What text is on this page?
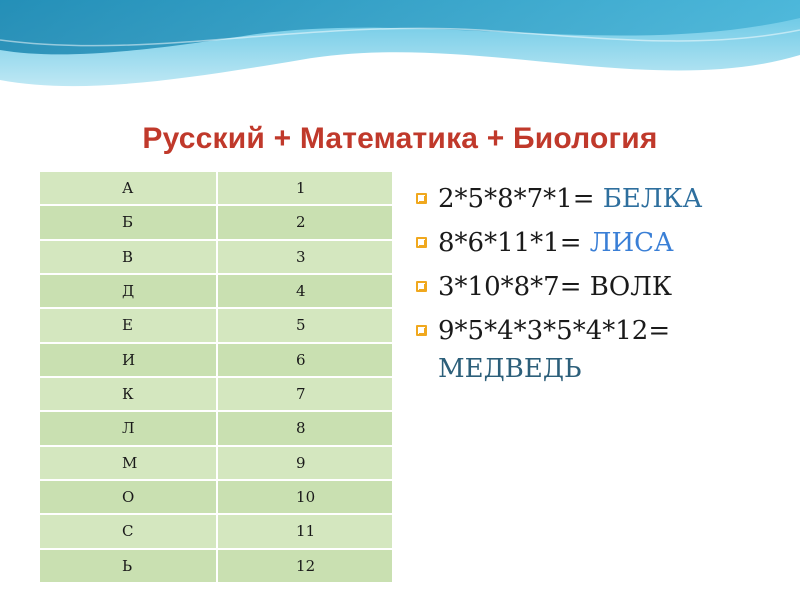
Русский + Математика + Биология
А	1
Б	2
В	3
Д	4
Е	5
И	6
К	7
Л	8
М	9
О	10
С	11
Ь	12
2*5*8*7*1= БЕЛКА
8*6*11*1= ЛИСА
3*10*8*7= ВОЛК
9*5*4*3*5*4*12=
МЕДВЕДЬ
